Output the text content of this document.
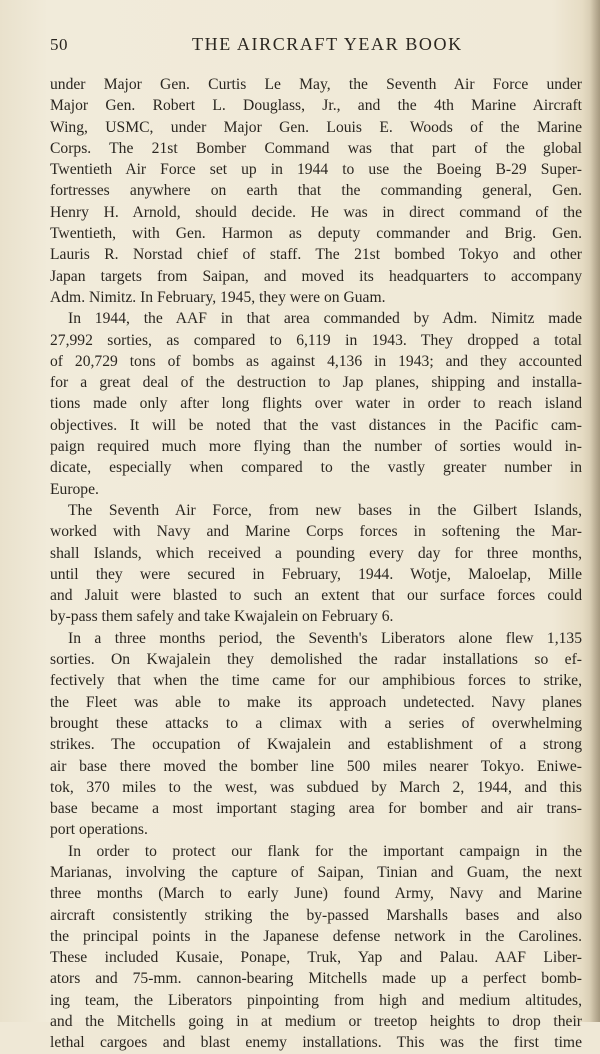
50	THE AIRCRAFT YEAR BOOK
under Major Gen. Curtis Le May, the Seventh Air Force under
Major Gen. Robert L. Douglass, Jr., and the 4th Marine Aircraft
Wing, USMC, under Major Gen. Louis E. Woods of the Marine
Corps. The 21st Bomber Command was that part of the global
Twentieth Air Force set up in 1944 to use the Boeing B-29 Super-
fortresses anywhere on earth that the commanding general, Gen.
Henry H. Arnold, should decide. He was in direct command of the
Twentieth, with Gen. Harmon as deputy commander and Brig. Gen.
Lauris R. Norstad chief of staff. The 21st bombed Tokyo and other
Japan targets from Saipan, and moved its headquarters to accompany
Adm. Nimitz. In February, 1945, they were on Guam.
In 1944, the AAF in that area commanded by Adm. Nimitz made
27,992 sorties, as compared to 6,119 in 1943. They dropped a total
of 20,729 tons of bombs as against 4,136 in 1943; and they accounted
for a great deal of the destruction to Jap planes, shipping and installa-
tions made only after long flights over water in order to reach island
objectives. It will be noted that the vast distances in the Pacific cam-
paign required much more flying than the number of sorties would in-
dicate, especially when compared to the vastly greater number in
Europe.
The Seventh Air Force, from new bases in the Gilbert Islands,
worked with Navy and Marine Corps forces in softening the Mar-
shall Islands, which received a pounding every day for three months,
until they were secured in February, 1944. Wotje, Maloelap, Mille
and Jaluit were blasted to such an extent that our surface forces could
by-pass them safely and take Kwajalein on February 6.
In a three months period, the Seventh's Liberators alone flew 1,135
sorties. On Kwajalein they demolished the radar installations so ef-
fectively that when the time came for our amphibious forces to strike,
the Fleet was able to make its approach undetected. Navy planes
brought these attacks to a climax with a series of overwhelming
strikes. The occupation of Kwajalein and establishment of a strong
air base there moved the bomber line 500 miles nearer Tokyo. Eniwe-
tok, 370 miles to the west, was subdued by March 2, 1944, and this
base became a most important staging area for bomber and air trans-
port operations.
In order to protect our flank for the important campaign in the
Marianas, involving the capture of Saipan, Tinian and Guam, the next
three months (March to early June) found Army, Navy and Marine
aircraft consistently striking the by-passed Marshalls bases and also
the principal points in the Japanese defense network in the Carolines.
These included Kusaie, Ponape, Truk, Yap and Palau. AAF Liber-
ators and 75-mm. cannon-bearing Mitchells made up a perfect bomb-
ing team, the Liberators pinpointing from high and medium altitudes,
and the Mitchells going in at medium or treetop heights to drop their
lethal cargoes and blast enemy installations. This was the first time
